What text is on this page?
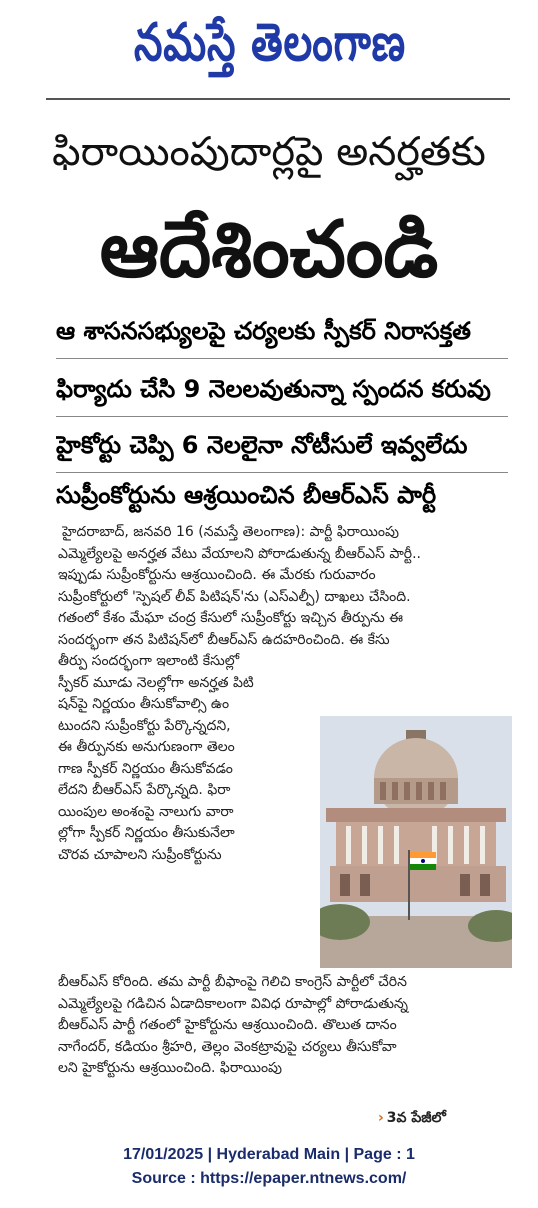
నమస్తే తెలంగాణ
ఫిరాయింపుదార్లపై అనర్హతకు
ఆదేశించండి
ఆ శాసనసభ్యులపై చర్యలకు స్పీకర్ నిరాసక్తత
ఫిర్యాదు చేసి 9 నెలలవుతున్నా స్పందన కరువు
హైకోర్టు చెప్పి 6 నెలలైనా నోటీసులే ఇవ్వలేదు
సుప్రీంకోర్టును ఆశ్రయించిన బీఆర్‌ఎస్ పార్టీ
హైదరాబాద్, జనవరి 16 (నమస్తే తెలంగాణ): పార్టీ ఫిరాయింపు
ఎమ్మెల్యేలపై అనర్హత వేటు వేయాలని పోరాడుతున్న బీఆర్‌ఎస్ పార్టీ..
ఇప్పుడు సుప్రీంకోర్టును ఆశ్రయించింది. ఈ మేరకు గురువారం
సుప్రీంకోర్టులో 'స్పెషల్ లీవ్ పిటిషన్'ను (ఎస్‌ఎల్పీ) దాఖలు చేసింది.
గతంలో కేశం మేఘా చంద్ర కేసులో సుప్రీంకోర్టు ఇచ్చిన తీర్పును ఈ
సందర్భంగా తన పిటిషన్‌లో బీఆర్‌ఎస్ ఉదహరించింది. ఈ కేసు
తీర్పు సందర్భంగా ఇలాంటి కేసుల్లో
స్పీకర్ మూడు నెలల్లోగా అనర్హత పిటి
షన్‌పై నిర్ణయం తీసుకోవాల్సి ఉం
టుందని సుప్రీంకోర్టు పేర్కొన్నదని,
ఈ తీర్పునకు అనుగుణంగా తెలం
గాణ స్పీకర్ నిర్ణయం తీసుకోవడం
లేదని బీఆర్‌ఎస్ పేర్కొన్నది. ఫిరా
యింపుల అంశంపై నాలుగు వారా
ల్లోగా స్పీకర్ నిర్ణయం తీసుకునేలా
చొరవ చూపాలని సుప్రీంకోర్టును
బీఆర్‌ఎస్ కోరింది. తమ పార్టీ బీఫాంపై గెలిచి కాంగ్రెస్ పార్టీలో చేరిన
ఎమ్మెల్యేలపై గడిచిన ఏడాదికాలంగా వివిధ రూపాల్లో పోరాడుతున్న
బీఆర్‌ఎస్ పార్టీ గతంలో హైకోర్టును ఆశ్రయించింది. తొలుత దానం
నాగేందర్, కడియం శ్రీహరి, తెల్లం వెంకట్రావుపై చర్యలు తీసుకోవా
లని హైకోర్టును ఆశ్రయించింది. ఫిరాయింపు
› 3వ పేజీలో
17/01/2025 | Hyderabad Main | Page : 1
Source : https://epaper.ntnews.com/
